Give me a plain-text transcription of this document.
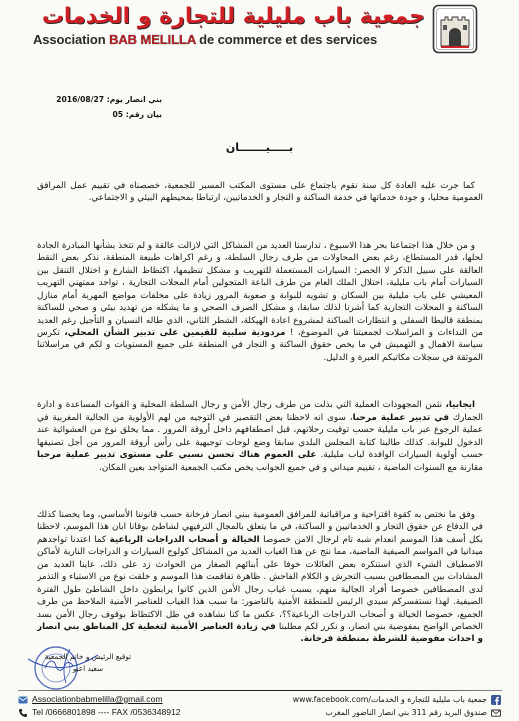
جمعية باب مليلية للتجارة و الخدمات
Association BAB MELILLA de commerce et des services
بني انصار يوم: 2016/08/27
بيان رقم: 05
بـــــيـــــــان

كما جرت عليه العادة كل سنة نقوم باجتماع على مستوى المكتب المسير للجمعية، خصصناه في تقييم عمل المرافق العمومية محليا، و جودة خدماتها في خدمة الساكنة و التجار و الخدماتيين، ارتباطا بمحيطهم البيئي و الاجتماعي.

و من خلال هذا اجتماعنا بحر هذا الاسبوع ، تدارسنا العديد من المشاكل التي لازالت عالقة و لم تتخذ بشأنها المبادرة الجادة لحلها، قدر المستطاع، رغم بعض المحاولات من طرف رجال السلطة، و رغم اكراهات طبيعة المنطقة، نذكر بعض النقط العالقة على سبيل الذكر لا الحصر: السيارات المستعملة للتهريب و مشكل تنظيمها، اكتظاظ الشارع و اختلال التنقل بين السيارات أمام باب مليلية، احتلال الملك العام من طرف الباعة المتجولين أمام المحلات التجارية ، تواجد ممتهني التهريب المعيشي على باب مليلية بين السكان و تشويه للبوابة و صعوبة المرور زيادة على مخلفات مواضع المهربة أمام منازل الساكنة و المحلات التجارية كما أشرنا لذلك سابقا، و مشكل الصرف الصحي و ما يشكله من تهديد بيئي و صحي للساكنة بمنطقة قاليطا السفلى و انتظارات الساكنة لمشروع اعادة الهيكلة، الشطر الثاني، الذي طاله النسيان و التأجيل رغم العديد من النداءات و المراسلات لجمعيتنا في الموضوع، ! مردودية سلبية للقيمين على تدبير الشأن المحلي، تكرس سياسة الاهمال و التهميش في ما يخص حقوق الساكنة و التجار في المنطقة على جميع المستويات و لكم في مراسلاتنا الموثقة في سجلات مكاتبكم العبرة و الدليل.

ايجابيا، نثمن المجهودات العملية التي بذلت من طرف رجال الأمن و رجال السلطة المحلية و القوات المساعدة و ادارة الجمارك في تدبير عملية مرحبا، سوى انه لاحظنا بعض التقصير في التوجيه من لهم الأولوية من الجالية المغربية في عملية الرجوع عبر باب مليلية حسب توقيت رحلاتهم، قبل اصطفافهم داخل أروقة المرور . مما يخلق نوع من العشوائية عند الدخول للبوابة. كذلك طالبنا كتابة المجلس البلدي سابقا وضع لوحات توجيهية على رأس أروقة المرور من أجل تصنيفها حسب أولوية السيارات الوافدة لباب مليلية. على العموم هناك تحسن نسبي على مستوى تدبير عملية مرحبا مقارنة مع السنوات الماضية ، تقييم ميداني و في جميع الجوانب يخص مكتب الجمعية المتواجد بعين المكان.

وفق ما نختص به كقوة اقتراحية و مراقباتية للمرافق العمومية ببني انصار فرخانة حسب قانوننا الأساسي، وما يخصنا كذلك في الدفاع عن حقوق التجار و الخدماتيين و الساكنة، في ما يتعلق بالمجال الترفيهي لشاطئ بوقانا ابان هذا الموسم، لاحظنا بكل أسف هذا الموسم انعدام شبه تام لرجال الامن خصوصا الخيالة و أصحاب الدراجات الرباعية كما اعتدنا تواجدهم ميدانيا في المواسم الصيفية الماضية، مما نتج عن هذا الغياب العديد من المشاكل كولوج السيارات و الدراجات النارية لأماكن الاصطياف الشيء الذي استنكره بعض العائلات خوفا على أبنائهم الصغار من الحوادث زد على ذلك، عاينا العديد من المشادات بين المصطافين بسبب التحرش و الكلام الفاحش . ظاهرة تفاقمت هذا الموسم و خلقت نوع من الاستياء و التذمر لدى المصطافين خصوصا أفراد الجالية منهم، بسبب غياب رجال الأمن الذين كانوا يرابطون داخل الشاطئ طول الفترة الصيفية. لهذا نستفسركم سيدي الرئيس للمنطقة الأمنية بالناضور: ما سبب هذا الغياب للعناصر الأمنية الملاحظ من طرف الجميع، خصوصا الخيالة و أصحاب الدراجات الرباعية؟؟، عكس ما كنا نشاهده في ظل الاكتظاظ بوقوف رجال الأمن بسد الخصاص الواضح بمفوضية بني انصار، و نكرر لكم مطلبنا في زيادة العناصر الأمنية لتغطية كل المناطق بني انصار و احداث مفوضية للشرطة بمنطقة فرخانة.

توقيع الرئيس و خاتم الجمعية
سعيد اعبو
Associationbabmelilla@gmail.com
Tel /0666801898 ---- FAX /0536348912
www.facebook.com/جمعية باب مليلية للتجارة و الخدمات
صندوق البريد رقم 311 بني انصار الناضور المغرب
